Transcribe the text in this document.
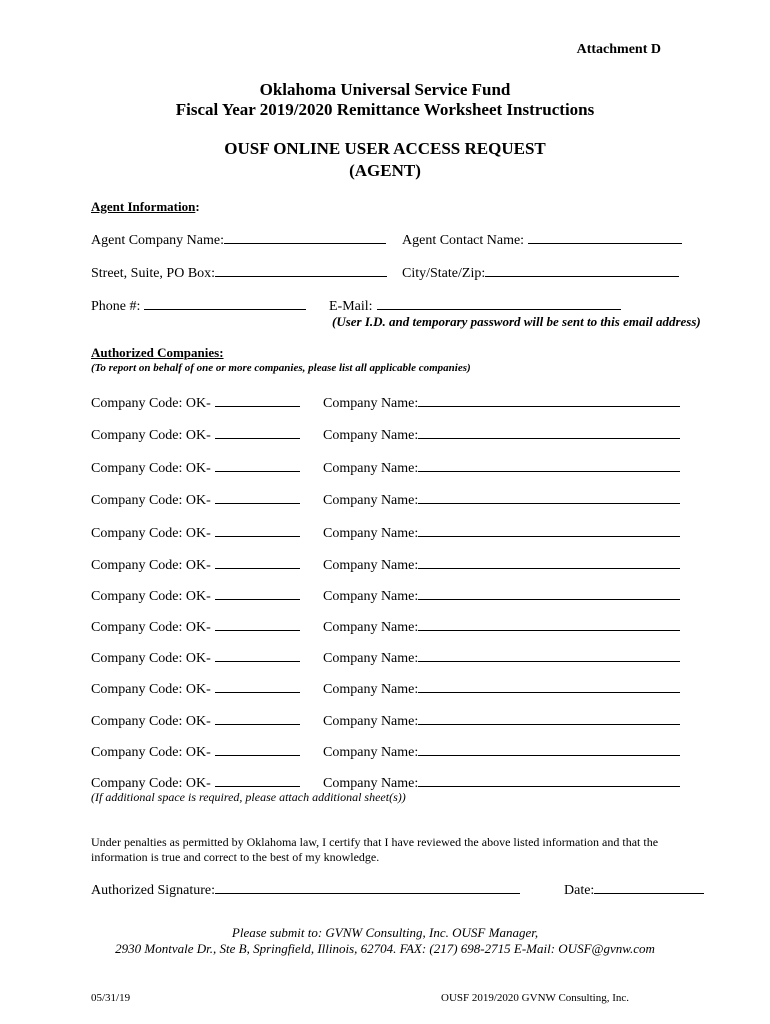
Attachment D
Oklahoma Universal Service Fund
Fiscal Year 2019/2020 Remittance Worksheet Instructions
OUSF ONLINE USER ACCESS REQUEST
(AGENT)
Agent Information:
Agent Company Name:	Agent Contact Name:
Street, Suite, PO Box:	City/State/Zip:
Phone #:	E-Mail:
(User I.D. and temporary password will be sent to this email address)
Authorized Companies:
(To report on behalf of one or more companies, please list all applicable companies)
Company Code: OK-	Company Name:
Company Code: OK-	Company Name:
Company Code: OK-	Company Name:
Company Code: OK-	Company Name:
Company Code: OK-	Company Name:
Company Code: OK-	Company Name:
Company Code: OK-	Company Name:
Company Code: OK-	Company Name:
Company Code: OK-	Company Name:
Company Code: OK-	Company Name:
Company Code: OK-	Company Name:
Company Code: OK-	Company Name:
Company Code: OK-	Company Name:
(If additional space is required, please attach additional sheet(s))
Under penalties as permitted by Oklahoma law, I certify that I have reviewed the above listed information and that the information is true and correct to the best of my knowledge.
Authorized Signature:	Date:
Please submit to: GVNW Consulting, Inc. OUSF Manager,
2930 Montvale Dr., Ste B, Springfield, Illinois, 62704. FAX: (217) 698-2715 E-Mail: OUSF@gvnw.com
05/31/19	OUSF 2019/2020 GVNW Consulting, Inc.
